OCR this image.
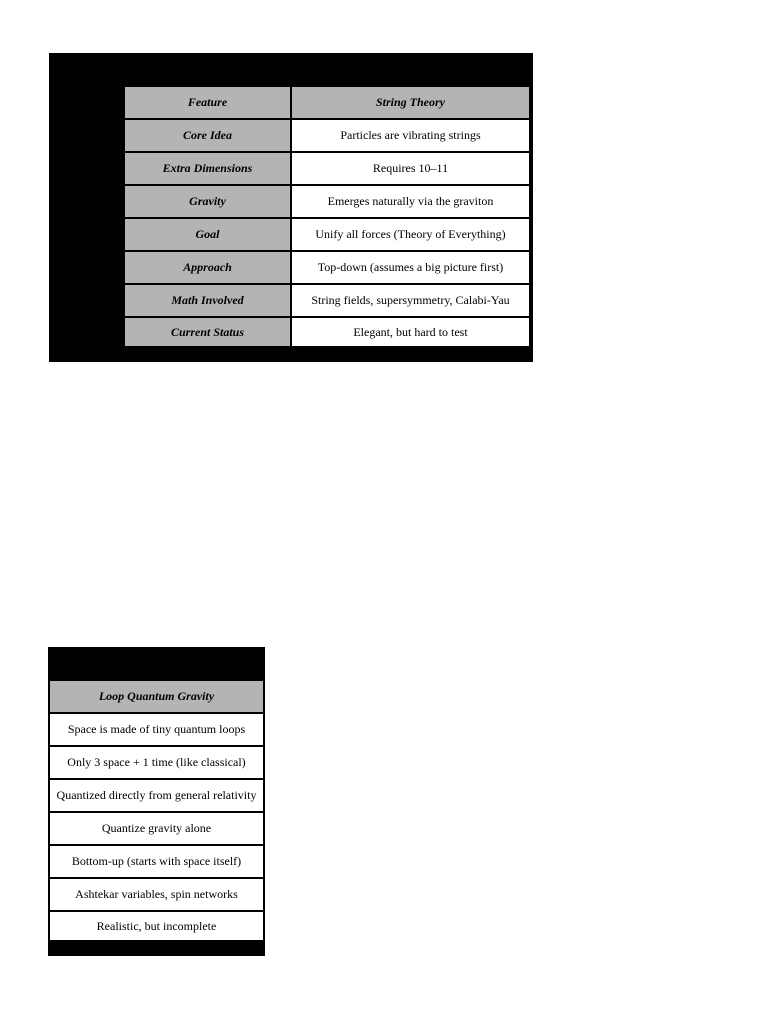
Feature	String Theory
Core Idea	Particles are vibrating strings
Extra Dimensions	Requires 10–11
Gravity	Emerges naturally via the graviton
Goal	Unify all forces (Theory of Everything)
Approach	Top-down (assumes a big picture first)
Math Involved	String fields, supersymmetry, Calabi-Yau
Current Status	Elegant, but hard to test
Loop Quantum Gravity
Space is made of tiny quantum loops
Only 3 space + 1 time (like classical)
Quantized directly from general relativity
Quantize gravity alone
Bottom-up (starts with space itself)
Ashtekar variables, spin networks
Realistic, but incomplete
